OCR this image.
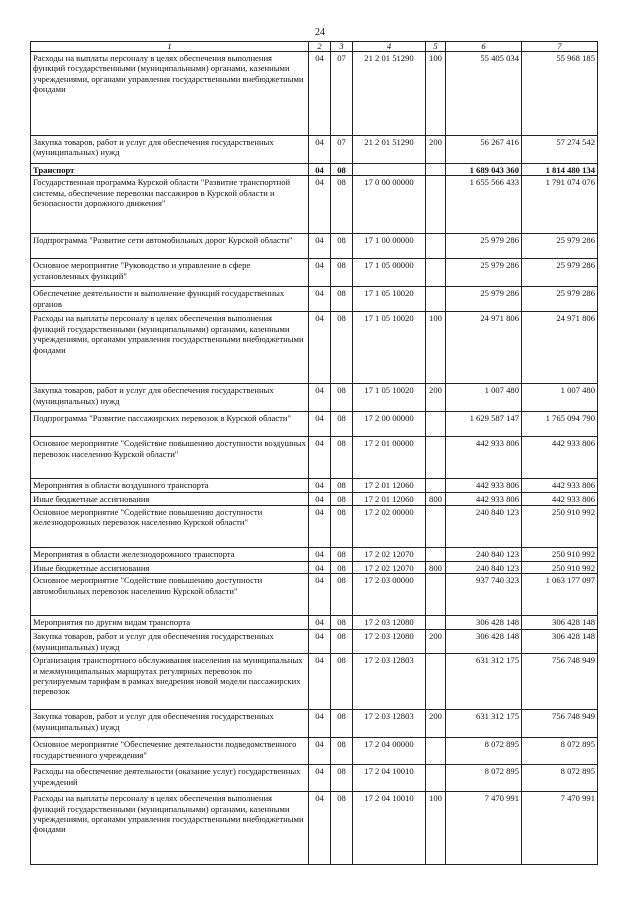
24
1	2	3	4	5	6	7
Расходы на выплаты персоналу в целях обеспечения выполнения функций государственными (муниципальными) органами, казенными учреждениями, органами управления государственными внебюджетными фондами	04	07	21 2 01 51290	100	55 405 034	55 968 185
Закупка товаров, работ и услуг для обеспечения государственных (муниципальных) нужд	04	07	21 2 01 51290	200	56 267 416	57 274 542
Транспорт	04	08			1 689 043 360	1 814 480 134
Государственная программа Курской области "Развитие транспортной системы, обеспечение перевозки пассажиров в Курской области и безопасности дорожного движения"	04	08	17 0 00 00000		1 655 566 433	1 791 074 076
Подпрограмма "Развитие сети автомобильных дорог Курской области"	04	08	17 1 00 00000		25 979 286	25 979 286
Основное мероприятие "Руководство и управление в сфере установленных функций"	04	08	17 1 05 00000		25 979 286	25 979 286
Обеспечение деятельности и выполнение функций государственных органов	04	08	17 1 05 10020		25 979 286	25 979 286
Расходы на выплаты персоналу в целях обеспечения выполнения функций государственными (муниципальными) органами, казенными учреждениями, органами управления государственными внебюджетными фондами	04	08	17 1 05 10020	100	24 971 806	24 971 806
Закупка товаров, работ и услуг для обеспечения государственных (муниципальных) нужд	04	08	17 1 05 10020	200	1 007 480	1 007 480
Подпрограмма "Развитие пассажирских перевозок в Курской области"	04	08	17 2 00 00000		1 629 587 147	1 765 094 790
Основное мероприятие "Содействие повышению доступности воздушных перевозок населению Курской области"	04	08	17 2 01 00000		442 933 806	442 933 806
Мероприятия в области воздушного транспорта	04	08	17 2 01 12060		442 933 806	442 933 806
Иные бюджетные ассигнования	04	08	17 2 01 12060	800	442 933 806	442 933 806
Основное мероприятие "Содействие повышению доступности железнодорожных перевозок населению Курской области"	04	08	17 2 02 00000		240 840 123	250 910 992
Мероприятия в области железнодорожного транспорта	04	08	17 2 02 12070		240 840 123	250 910 992
Иные бюджетные ассигнования	04	08	17 2 02 12070	800	240 840 123	250 910 992
Основное мероприятие "Содействие повышению доступности автомобильных перевозок населению Курской области"	04	08	17 2 03 00000		937 740 323	1 063 177 097
Мероприятия по другим видам транспорта	04	08	17 2 03 12080		306 428 148	306 428 148
Закупка товаров, работ и услуг для обеспечения государственных (муниципальных) нужд	04	08	17 2 03 12080	200	306 428 148	306 428 148
Организация транспортного обслуживания населения на муниципальных и межмуниципальных маршрутах регулярных перевозок по регулируемым тарифам в рамках внедрения новой модели пассажирских перевозок	04	08	17 2 03 12803		631 312 175	756 748 949
Закупка товаров, работ и услуг для обеспечения государственных (муниципальных) нужд	04	08	17 2 03 12803	200	631 312 175	756 748 949
Основное мероприятие "Обеспечение деятельности подведомственного государственного учреждения"	04	08	17 2 04 00000		8 072 895	8 072 895
Расходы на обеспечение деятельности (оказание услуг) государственных учреждений	04	08	17 2 04 10010		8 072 895	8 072 895
Расходы на выплаты персоналу в целях обеспечения выполнения функций государственными (муниципальными) органами, казенными учреждениями, органами управления государственными внебюджетными фондами	04	08	17 2 04 10010	100	7 470 991	7 470 991
